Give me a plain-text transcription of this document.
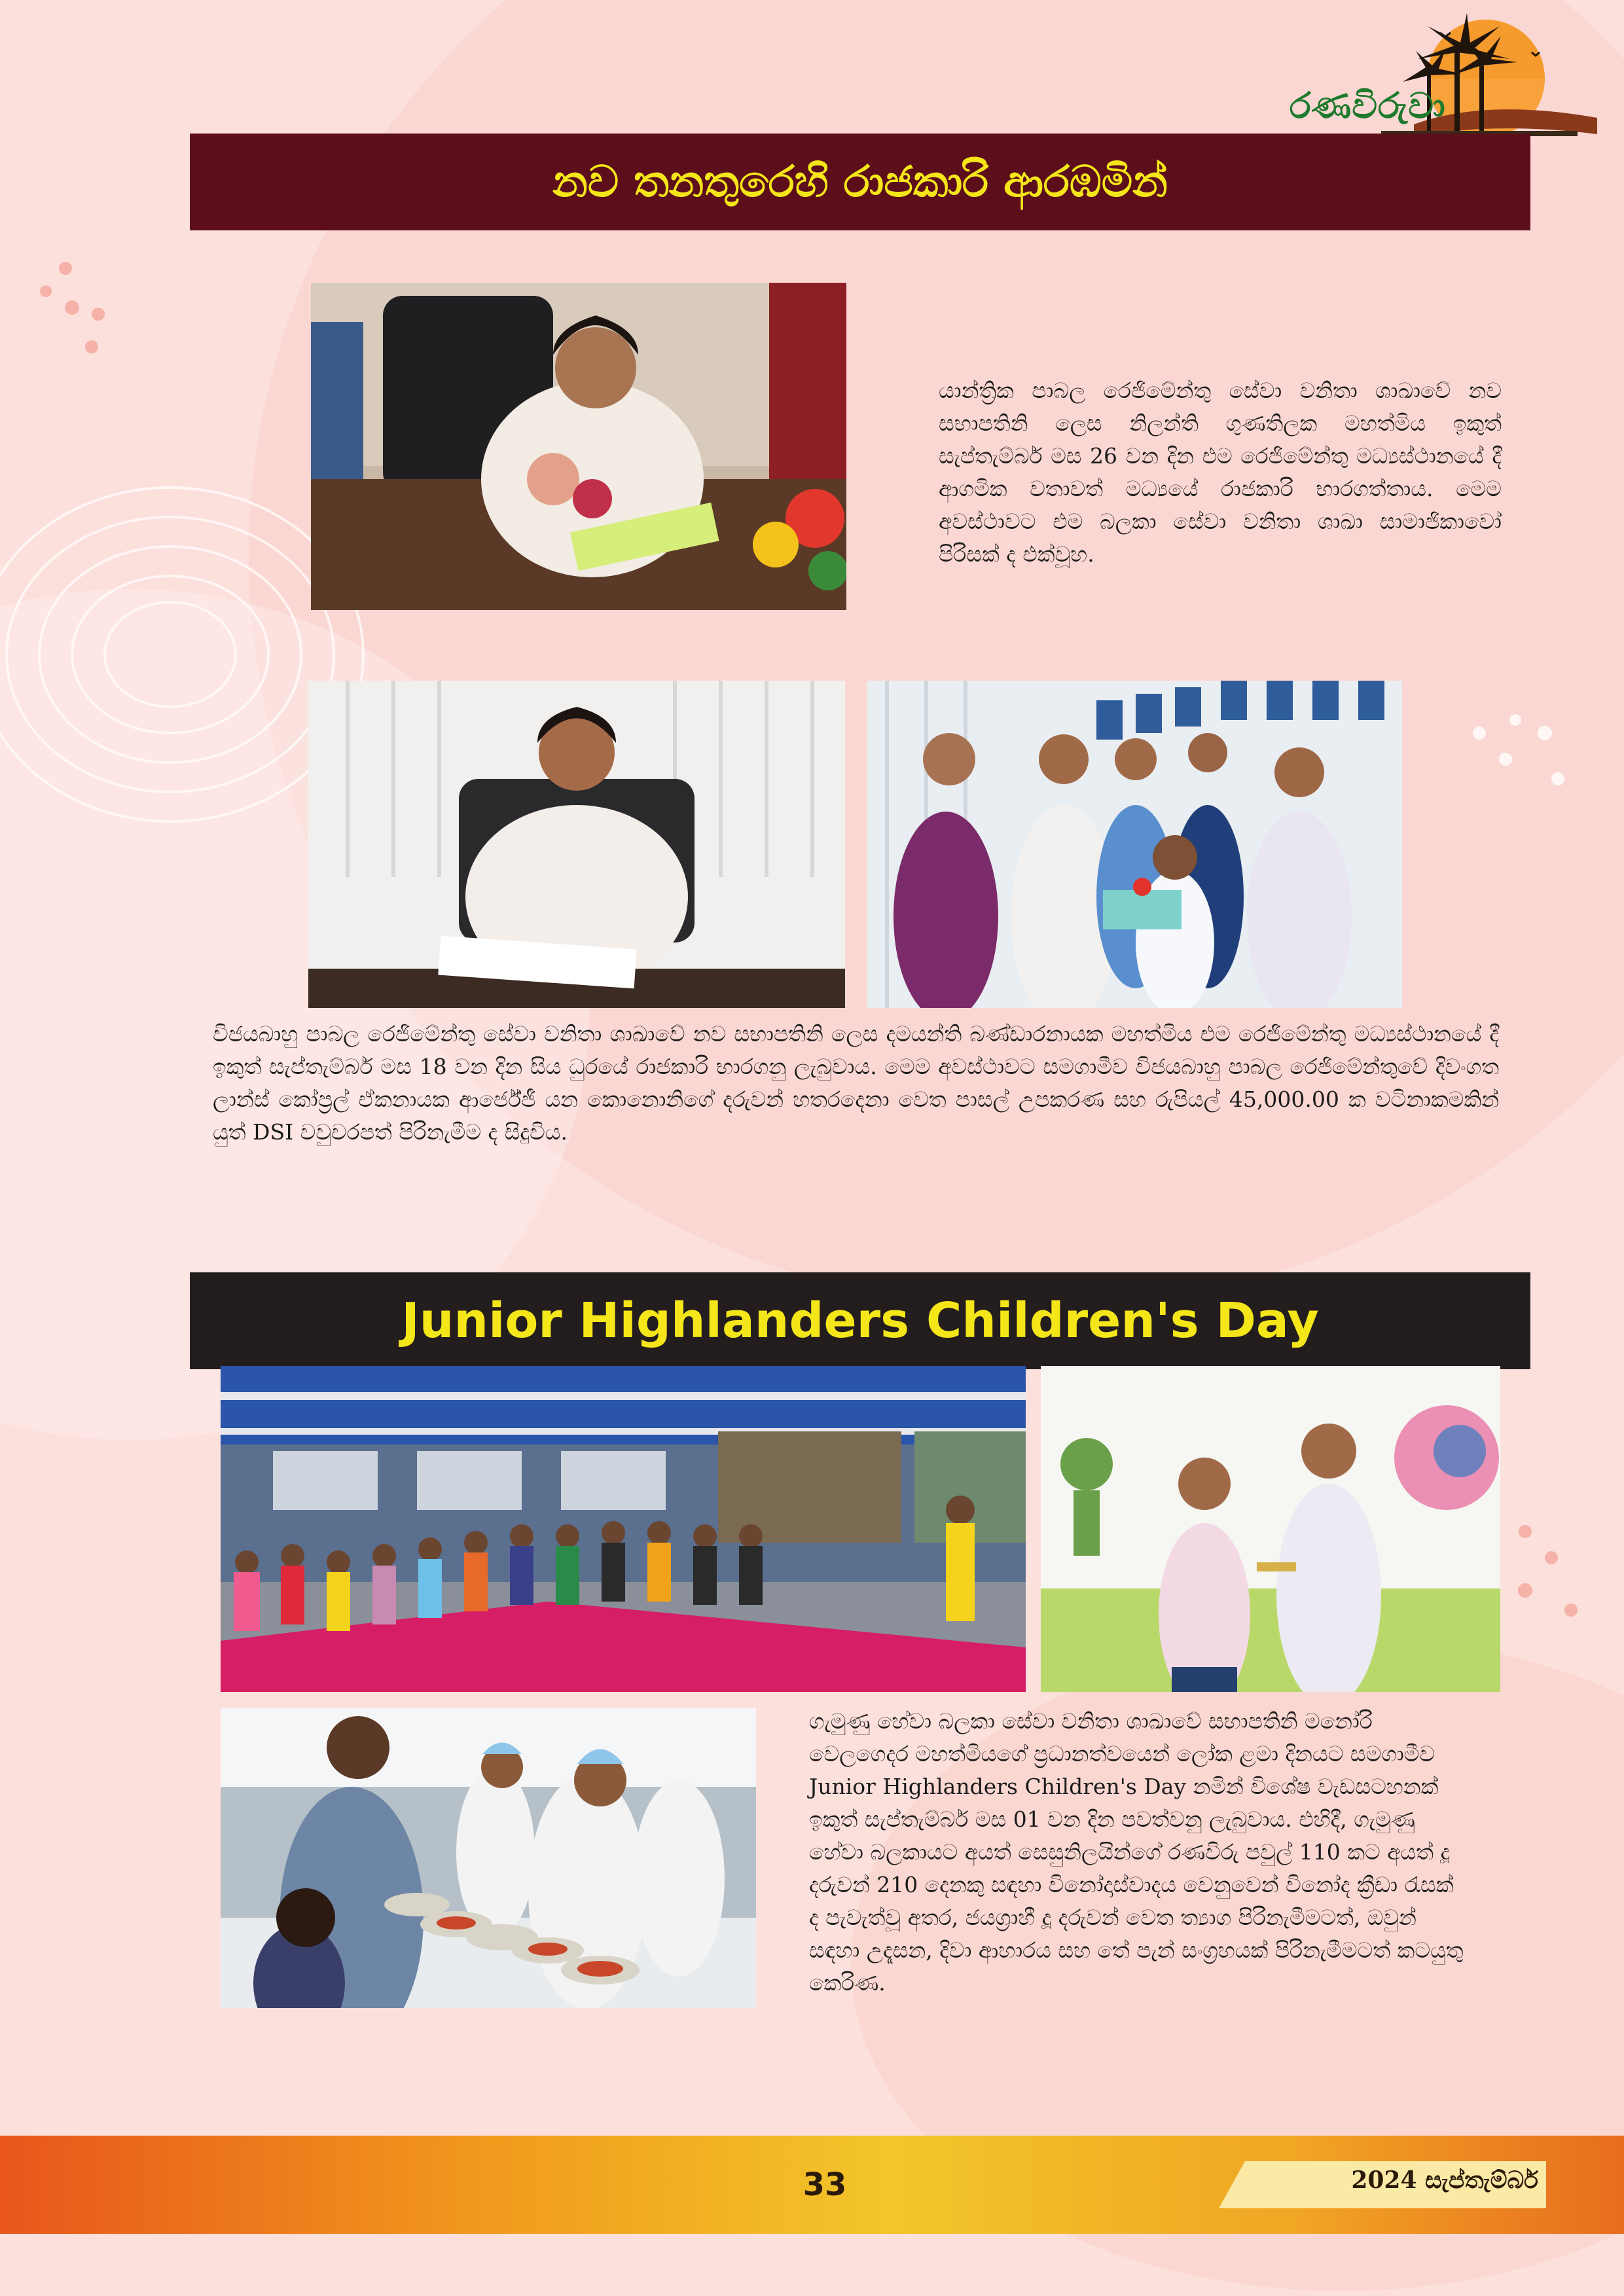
රණවිරුවා
නව තනතුරෙහි රාජකාරි ආරඹමින්

යාන්ත්‍රික පාබල රෙජිමේන්තු සේවා වනිතා ශාඛාවේ නව සභාපතිනි ලෙස නිලන්ති ගුණතිලක මහත්මිය ඉකුත් සැප්තැම්බර් මස 26 වන දින එම රෙජිමේන්තු මධ්‍යස්ථානයේ දී ආගමික වතාවත් මධ්‍යයේ රාජකාරි භාරගත්තාය. මෙම අවස්ථාවට එම බලකා සේවා වනිතා ශාඛා සාමාජිකාවෝ පිරිසක් ද එක්වූහ.

විජයබාහු පාබල රෙජිමේන්තු සේවා වනිතා ශාඛාවේ නව සභාපතිනි ලෙස දමයන්ති බණ්ඩාරනායක මහත්මිය එම රෙජිමේන්තු මධ්‍යස්ථානයේ දී ඉකුත් සැප්තැම්බර් මස 18 වන දින සිය ධුරයේ රාජකාරි භාරගනු ලැබුවාය. මෙම අවස්ථාවට සමගාමීව විජයබාහු පාබල රෙජිමේන්තුවේ දිවංගත ලාන්ස් කෝප්‍රල් ඒකනායක ආර්ජේජී යන කොනොනිගේ දරුවන් හතරදෙනා වෙත පාසල් උපකරණ සහ රුපියල් 45,000.00 ක වටිනාකමකින් යුත් DSI වවුචරපත් පිරිනැමීම ද සිදුවිය.

Junior Highlanders Children's Day

ගැමුණු හේවා බලකා සේවා වනිතා ශාඛාවේ සභාපතිනි මනෝරි වෙලගෙදර මහත්මියගේ ප්‍රධානත්වයෙන් ලෝක ළමා දිනයට සමගාමීව Junior Highlanders Children's Day නමින් විශේෂ වැඩසටහනක් ඉකුත් සැප්තැම්බර් මස 01 වන දින පවත්වනු ලැබුවාය. එහිදී, ගැමුණු හේවා බලකායට අයත් සෙසුනිලයින්ගේ රණවිරු පවුල් 110 කට අයත් දූ දරුවන් 210 දෙනකු සඳහා විනෝදාස්වාදය වෙනුවෙන් විනෝද ක්‍රීඩා රැසක් ද පැවැත්වූ අතර, ජයග්‍රාහී දූ දරුවන් වෙත ත්‍යාග පිරිනැමීමටත්, ඔවුන් සඳහා උදෑසන, දිවා ආහාරය සහ තේ පැන් සංග්‍රහයක් පිරිනැමීමටත් කටයුතු කෙරිණ.

33	2024 සැප්තැම්බර්
